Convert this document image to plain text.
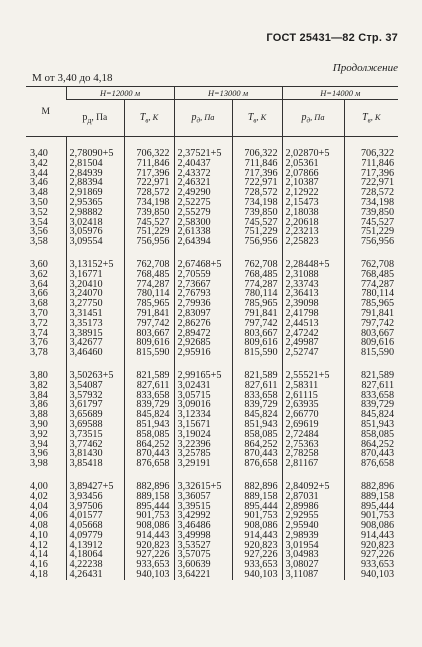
ГОСТ 25431—82 Стр. 37
Продолжение
М от 3,40 до 4,18
М	Н=12000 м		Н=13000 м		Н=14000 м	
	$p_д$, Па	$T_в$, К	$p_д$, Па	$T_в$, К	$p_д$, Па	$T_в$, К

3,40	2,78090+5	706,322	2,37521+5	706,322	2,02870+5	706,322
3,42	2,81504	711,846	2,40437	711,846	2,05361	711,846
3,44	2,84939	717,396	2,43372	717,396	2,07866	717,396
3,46	2,88394	722,971	2,46321	722,971	2,10387	722,971
3,48	2,91869	728,572	2,49290	728,572	2,12922	728,572
3,50	2,95365	734,198	2,52275	734,198	2,15473	734,198
3,52	2,98882	739,850	2,55279	739,850	2,18038	739,850
3,54	3,02418	745,527	2,58300	745,527	2,20618	745,527
3,56	3,05976	751,229	2,61338	751,229	2,23213	751,229
3,58	3,09554	756,956	2,64394	756,956	2,25823	756,956

3,60	3,13152+5	762,708	2,67468+5	762,708	2,28448+5	762,708
3,62	3,16771	768,485	2,70559	768,485	2,31088	768,485
3,64	3,20410	774,287	2,73667	774,287	2,33743	774,287
3,66	3,24070	780,114	2,76793	780,114	2,36413	780,114
3,68	3,27750	785,965	2,79936	785,965	2,39098	785,965
3,70	3,31451	791,841	2,83097	791,841	2,41798	791,841
3,72	3,35173	797,742	2,86276	797,742	2,44513	797,742
3,74	3,38915	803,667	2,89472	803,667	2,47242	803,667
3,76	3,42677	809,616	2,92685	809,616	2,49987	809,616
3,78	3,46460	815,590	2,95916	815,590	2,52747	815,590

3,80	3,50263+5	821,589	2,99165+5	821,589	2,55521+5	821,589
3,82	3,54087	827,611	3,02431	827,611	2,58311	827,611
3,84	3,57932	833,658	3,05715	833,658	2,61115	833,658
3,86	3,61797	839,729	3,09016	839,729	2,63935	839,729
3,88	3,65689	845,824	3,12334	845,824	2,66770	845,824
3,90	3,69588	851,943	3,15671	851,943	2,69619	851,943
3,92	3,73515	858,085	3,19024	858,085	2,72484	858,085
3,94	3,77462	864,252	3,22396	864,252	2,75363	864,252
3,96	3,81430	870,443	3,25785	870,443	2,78258	870,443
3,98	3,85418	876,658	3,29191	876,658	2,81167	876,658

4,00	3,89427+5	882,896	3,32615+5	882,896	2,84092+5	882,896
4,02	3,93456	889,158	3,36057	889,158	2,87031	889,158
4,04	3,97506	895,444	3,39515	895,444	2,89986	895,444
4,06	4,01577	901,753	3,42992	901,753	2,92955	901,753
4,08	4,05668	908,086	3,46486	908,086	2,95940	908,086
4,10	4,09779	914,443	3,49998	914,443	2,98939	914,443
4,12	4,13912	920,823	3,53527	920,823	3,01954	920,823
4,14	4,18064	927,226	3,57075	927,226	3,04983	927,226
4,16	4,22238	933,653	3,60639	933,653	3,08027	933,653
4,18	4,26431	940,103	3,64221	940,103	3,11087	940,103
